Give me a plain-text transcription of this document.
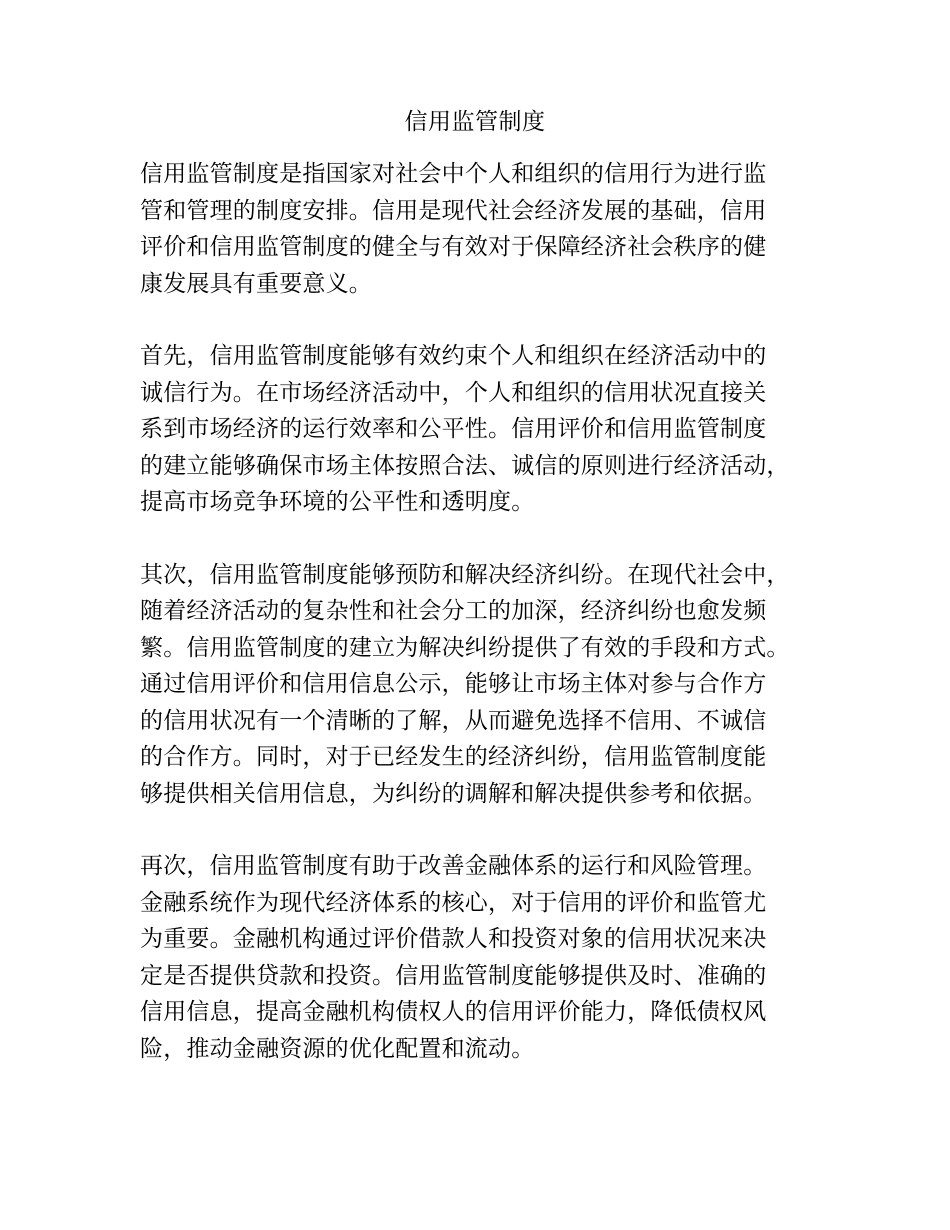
信用监管制度

信用监管制度是指国家对社会中个人和组织的信用行为进行监
管和管理的制度安排。信用是现代社会经济发展的基础，信用
评价和信用监管制度的健全与有效对于保障经济社会秩序的健
康发展具有重要意义。

首先，信用监管制度能够有效约束个人和组织在经济活动中的
诚信行为。在市场经济活动中，个人和组织的信用状况直接关
系到市场经济的运行效率和公平性。信用评价和信用监管制度
的建立能够确保市场主体按照合法、诚信的原则进行经济活动，
提高市场竞争环境的公平性和透明度。

其次，信用监管制度能够预防和解决经济纠纷。在现代社会中，
随着经济活动的复杂性和社会分工的加深，经济纠纷也愈发频
繁。信用监管制度的建立为解决纠纷提供了有效的手段和方式。
通过信用评价和信用信息公示，能够让市场主体对参与合作方
的信用状况有一个清晰的了解，从而避免选择不信用、不诚信
的合作方。同时，对于已经发生的经济纠纷，信用监管制度能
够提供相关信用信息，为纠纷的调解和解决提供参考和依据。

再次，信用监管制度有助于改善金融体系的运行和风险管理。
金融系统作为现代经济体系的核心，对于信用的评价和监管尤
为重要。金融机构通过评价借款人和投资对象的信用状况来决
定是否提供贷款和投资。信用监管制度能够提供及时、准确的
信用信息，提高金融机构债权人的信用评价能力，降低债权风
险，推动金融资源的优化配置和流动。
